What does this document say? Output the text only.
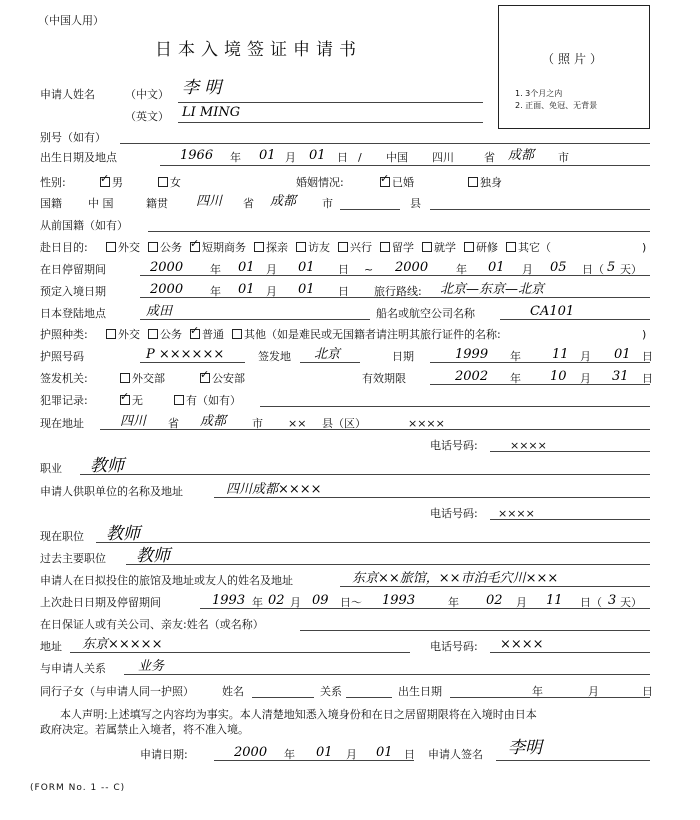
（中国人用）
日本入境签证申请书	（照片）
1. 3个月之内
2. 正面、免冠、无背景
申请人姓名	（中文） 李 明
（英文） LI MING
别号（如有）
出生日期及地点	1966 年 01 月 01 日 / 中国 四川	省 成都 市
性别: ✓	男	女	婚姻情况: ✓	已婚	独身
国籍 中 国	籍贯 四川 省 成都 市	县
从前国籍（如有）
赴日目的:	外交 公务 ✓ 短期商务 探亲 访友 兴行 留学 就学 研修 其它（	)
在日停留期间	2000 年 01 月 01 日 ~ 2000	年 01 月 05 日（ 5 天）
预定入境日期	2000 年 01 月 01 日 旅行路线: 北京—东京—北京
日本登陆地点	成田	船名或航空公司名称	CA101
护照种类:	外交 公务 ✓ 普通 其他（如是难民或无国籍者请注明其旅行证件的名称:	)
护照号码	P ××××××	签发地 北京	日期	1999 年 11 月 01 日
签发机关:	外交部 ✓	公安部	有效期限	2002 年 10 月 31 日
犯罪记录: ✓	无	有（如有）
现在地址	四川 省 成都 市 ×× 县（区）	××××
电话号码:	××××
职业 教师
申请人供职单位的名称及地址	四川成都××××
电话号码: ××××
现在职位 教师
过去主要职位 教师
申请人在日拟投住的旅馆及地址或友人的姓名及地址	东京××旅馆，××市泊毛穴川×××
上次赴日日期及停留期间	1993 年 02 月 09 日～ 1993	年 02 月 11 日（ 3 天）
在日保证人或有关公司、亲友:姓名（或名称）
地址 东京×××××	电话号码: ××××
与申请人关系 业务
同行子女（与申请人同一护照）	姓名	关系	出生日期	年	月	日
本人声明:上述填写之内容均为事实。本人清楚地知悉入境身份和在日之居留期限将在入境时由日本
政府决定。若属禁止入境者，将不准入境。
申请日期:	2000 年 01 月 01 日 申请人签名 李明
(FORM No. 1 -- C)
